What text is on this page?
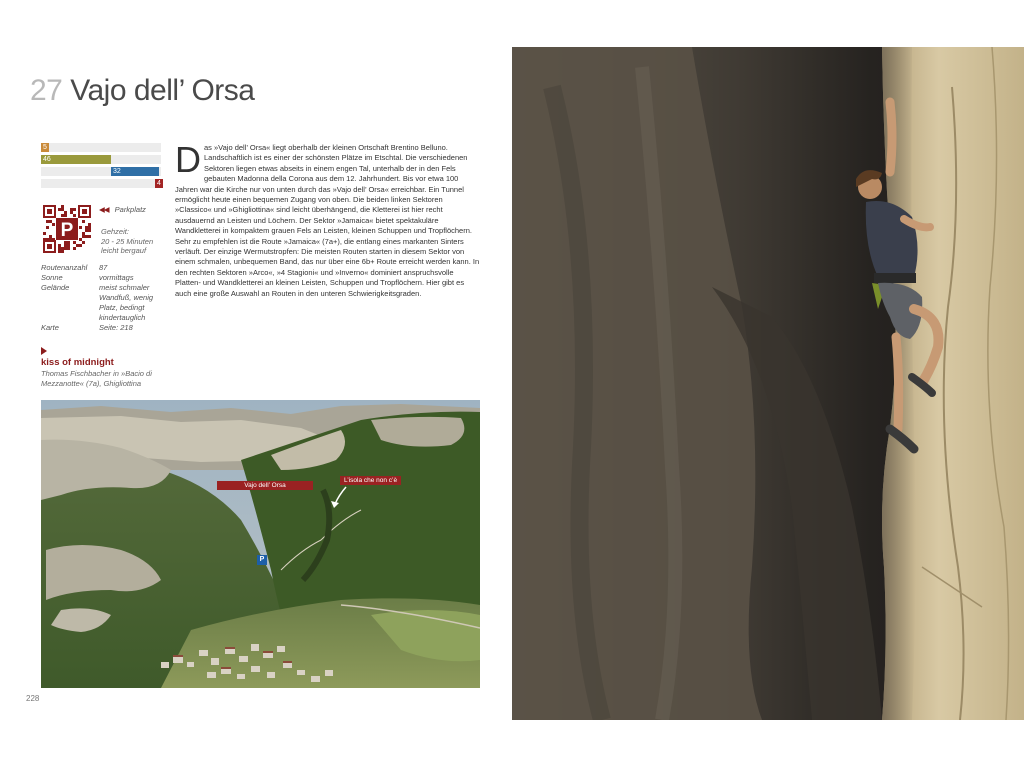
27 Vajo dell’ Orsa
5
46
32
4
P
◀◀ Parkplatz
Gehzeit:
20 - 25 Minuten
leicht bergauf
Routenanzahl	87
Sonne	vormittags
Gelände	meist schmaler Wandfuß, wenig Platz, bedingt kindertauglich
Karte	Seite: 218
kiss of midnight
Thomas Fischbacher in »Bacio di Mezzanotte« (7a), Ghigliottina
Das »Vajo dell’ Orsa« liegt oberhalb der kleinen Ortschaft Brentino Belluno. Landschaftlich ist es einer der schönsten Plätze im Etschtal. Die verschiedenen Sektoren liegen etwas abseits in einem engen Tal, unterhalb der in den Fels gebauten Madonna della Corona aus dem 12. Jahrhundert. Bis vor etwa 100 Jahren war die Kirche nur von unten durch das »Vajo dell’ Orsa« erreichbar. Ein Tunnel ermöglicht heute einen bequemen Zugang von oben. Die beiden linken Sektoren »Classico« und »Ghigliottina« sind leicht überhängend, die Kletterei ist hier recht ausdauernd an Leisten und Löchern. Der Sektor »Jamaica« bietet spektakuläre Wandkletterei in kompaktem grauen Fels an Leisten, kleinen Schuppen und Tropflöchern. Sehr zu empfehlen ist die Route »Jamaica« (7a+), die entlang eines markanten Sinters verläuft. Der einzige Wermutstropfen: Die meisten Routen starten in diesem Sektor von einem schmalen, unbequemen Band, das nur über eine 6b+ Route erreicht werden kann. In den rechten Sektoren »Arco«, »4 Stagioni« und »Inverno« dominiert anspruchsvolle Platten- und Wandkletterei an kleinen Leisten, Schuppen und Tropflöchern. Hier gibt es auch eine große Auswahl an Routen in den unteren Schwierigkeitsgraden.
Vajo dell’ Orsa
L’isola che non c’è
P
228
